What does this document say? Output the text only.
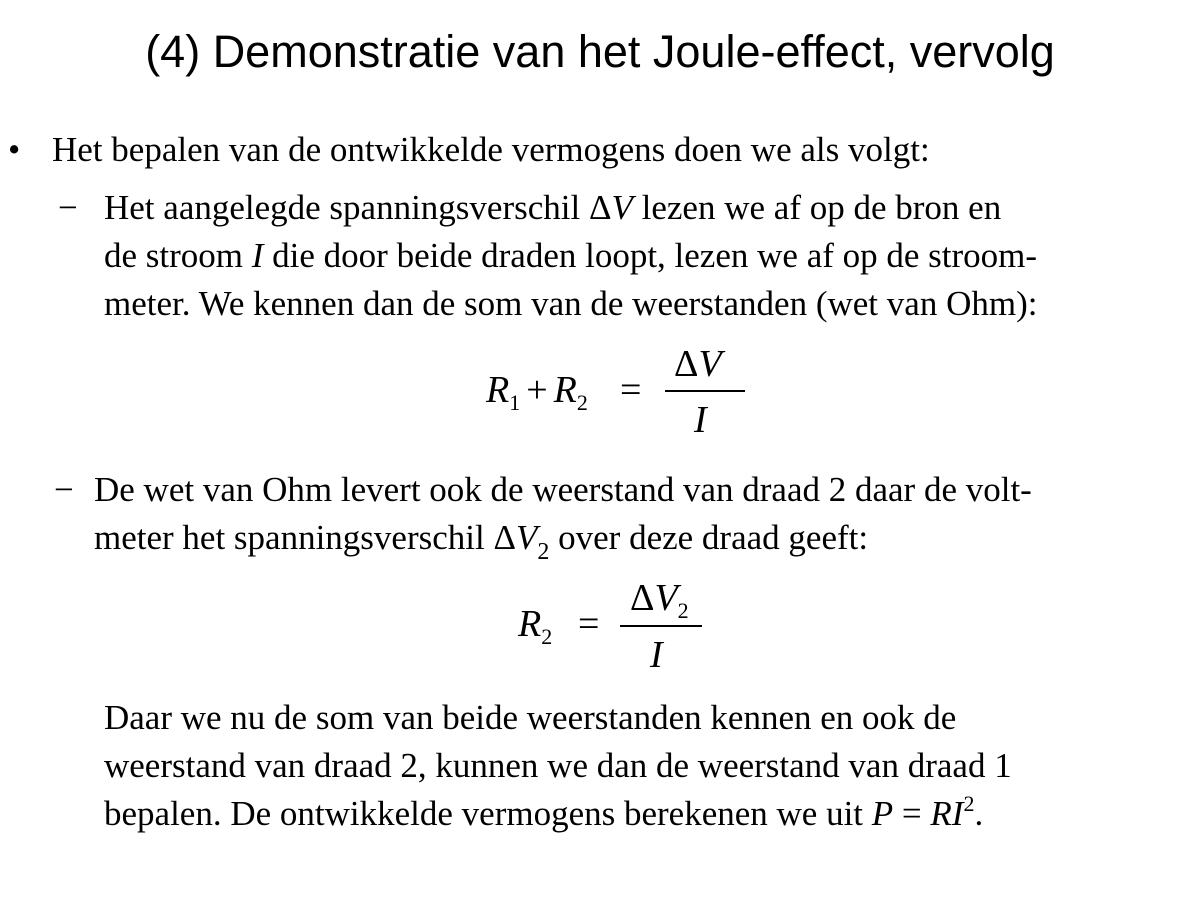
(4) Demonstratie van het Joule-effect, vervolg
• Het bepalen van de ontwikkelde vermogens doen we als volgt:
− Het aangelegde spanningsverschil ΔV lezen we af op de bron en
de stroom I die door beide draden loopt, lezen we af op de stroom-
meter. We kennen dan de som van de weerstanden (wet van Ohm):
$R_1 + R_2$ =
ΔV
I
− De wet van Ohm levert ook de weerstand van draad 2 daar de volt-
meter het spanningsverschil $\Delta V_2$ over deze draad geeft:
$R_2$ =
$\Delta V_2$
I
Daar we nu de som van beide weerstanden kennen en ook de
weerstand van draad 2, kunnen we dan de weerstand van draad 1
bepalen. De ontwikkelde vermogens berekenen we uit $P = RI^2$.
